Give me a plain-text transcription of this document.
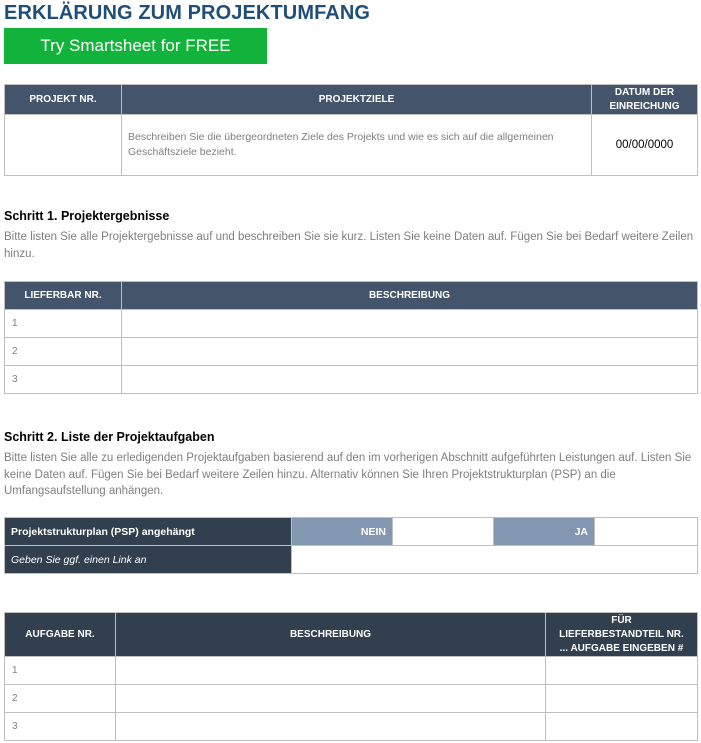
ERKLÄRUNG ZUM PROJEKTUMFANG
Try Smartsheet for FREE
PROJEKT NR.	PROJEKTZIELE	DATUM DER EINREICHUNG
	Beschreiben Sie die übergeordneten Ziele des Projekts und wie es sich auf die allgemeinen Geschäftsziele bezieht.	00/00/0000
Schritt 1. Projektergebnisse
Bitte listen Sie alle Projektergebnisse auf und beschreiben Sie sie kurz. Listen Sie keine Daten auf. Fügen Sie bei Bedarf weitere Zeilen hinzu.
LIEFERBAR NR.	BESCHREIBUNG
1	
2	
3	
Schritt 2. Liste der Projektaufgaben
Bitte listen Sie alle zu erledigenden Projektaufgaben basierend auf den im vorherigen Abschnitt aufgeführten Leistungen auf. Listen Sie keine Daten auf. Fügen Sie bei Bedarf weitere Zeilen hinzu. Alternativ können Sie Ihren Projektstrukturplan (PSP) an die Umfangsaufstellung anhängen.
Projektstrukturplan (PSP) angehängt	NEIN		JA	
Geben Sie ggf. einen Link an				
AUFGABE NR.	BESCHREIBUNG	FÜR LIEFERBESTANDTEIL NR. ... AUFGABE EINGEBEN #
1		
2		
3		
